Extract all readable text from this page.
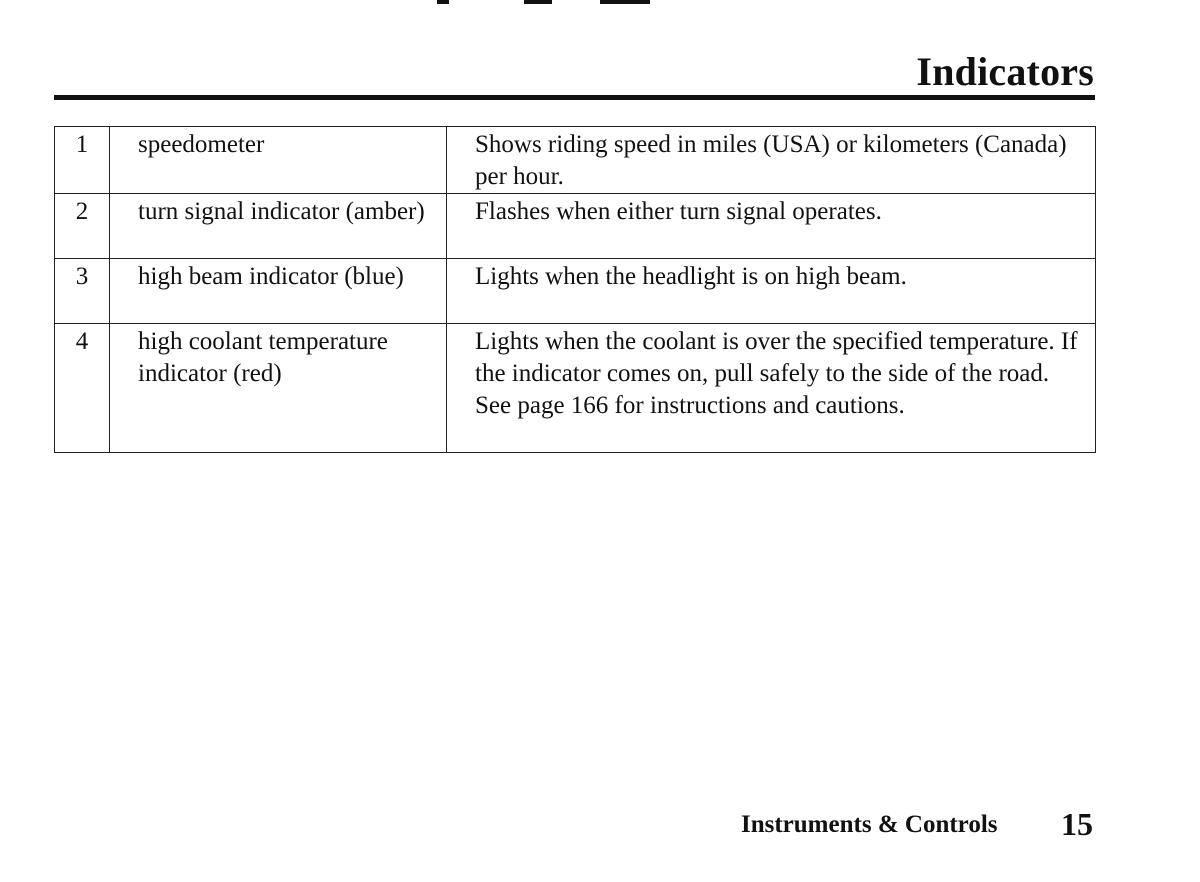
Indicators
1	speedometer	Shows riding speed in miles (USA) or kilometers (Canada) per hour.
2	turn signal indicator (amber)	Flashes when either turn signal operates.
3	high beam indicator (blue)	Lights when the headlight is on high beam.
4	high coolant temperature indicator (red)	Lights when the coolant is over the specified temperature. If the indicator comes on, pull safely to the side of the road. See page 166 for instructions and cautions.
Instruments & Controls 15
